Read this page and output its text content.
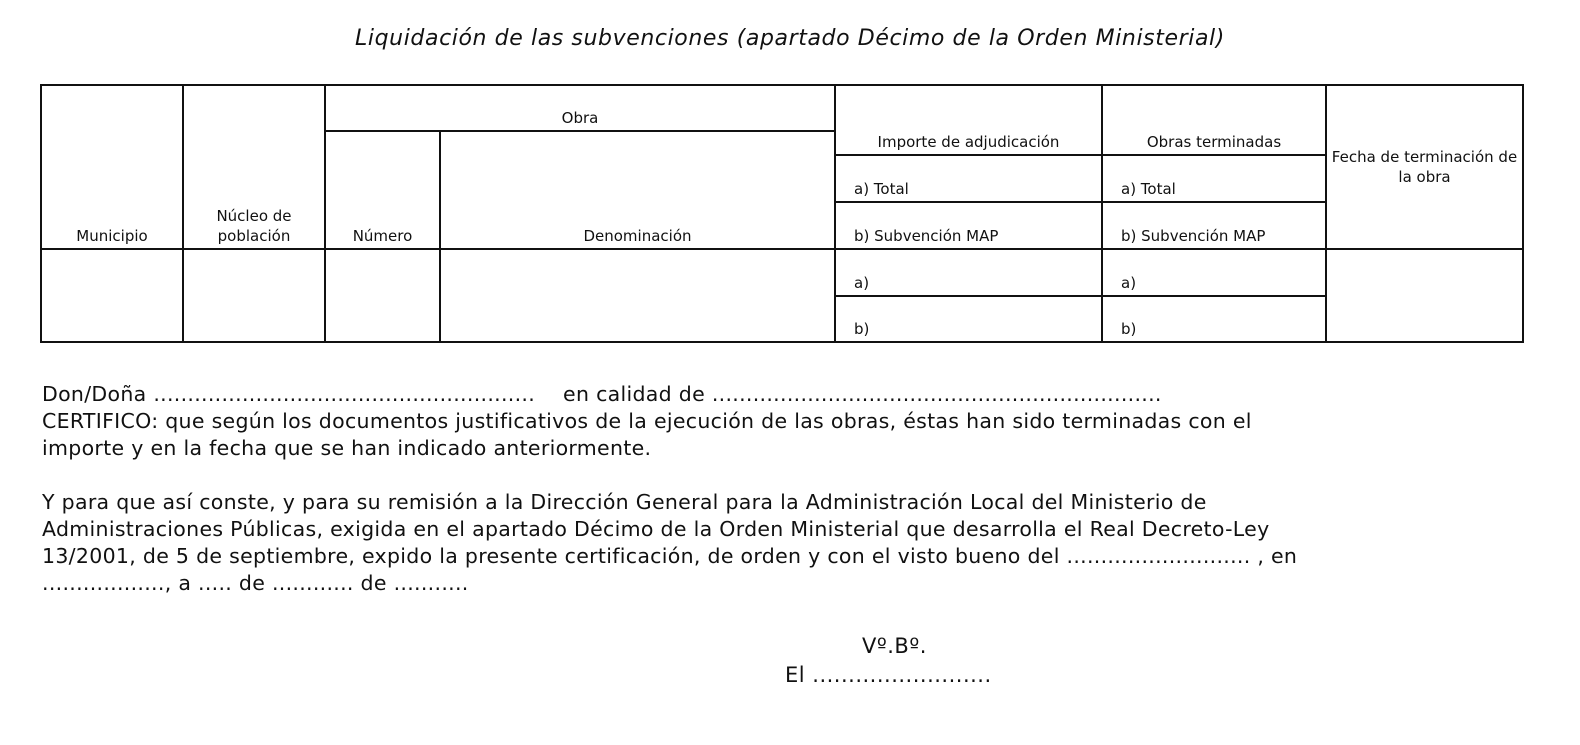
Liquidación de las subvenciones (apartado Décimo de la Orden Ministerial)
Municipio	Núcleo de población	Obra		Importe de adjudicación	Obras terminadas	Fecha de terminación de la obra
		Número	Denominación			
				a) Total	a) Total	
				b) Subvención MAP	b) Subvención MAP	
				a)	a)	
				b)	b)	
Don/Doña ........................................................ en calidad de ..................................................................
CERTIFICO: que según los documentos justificativos de la ejecución de las obras, éstas han sido terminadas con el
importe y en la fecha que se han indicado anteriormente.
Y para que así conste, y para su remisión a la Dirección General para la Administración Local del Ministerio de
Administraciones Públicas, exigida en el apartado Décimo de la Orden Ministerial que desarrolla el Real Decreto-Ley
13/2001, de 5 de septiembre, expido la presente certificación, de orden y con el visto bueno del ........................... , en
.................., a ..... de ............ de ...........
Vº.Bº.
El .........................
